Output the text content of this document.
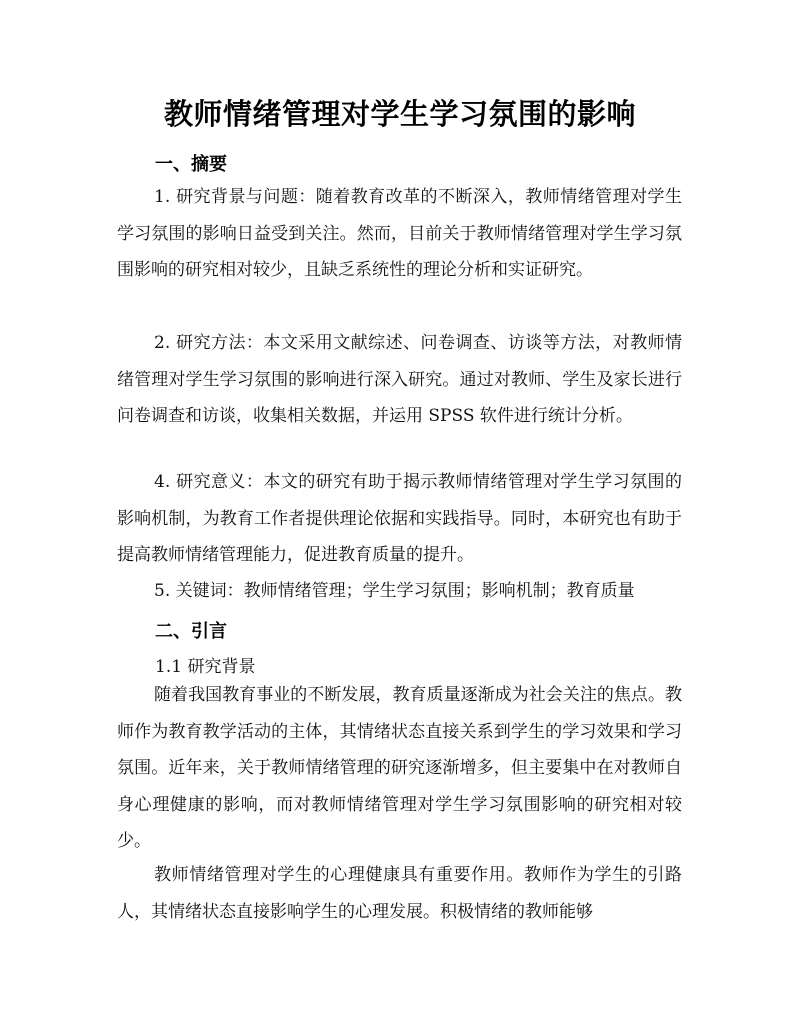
教师情绪管理对学生学习氛围的影响
一、摘要

1. 研究背景与问题：随着教育改革的不断深入，教师情绪管理对学生学习氛围的影响日益受到关注。然而，目前关于教师情绪管理对学生学习氛围影响的研究相对较少，且缺乏系统性的理论分析和实证研究。

2. 研究方法：本文采用文献综述、问卷调查、访谈等方法，对教师情绪管理对学生学习氛围的影响进行深入研究。通过对教师、学生及家长进行问卷调查和访谈，收集相关数据，并运用 SPSS 软件进行统计分析。

4. 研究意义：本文的研究有助于揭示教师情绪管理对学生学习氛围的影响机制，为教育工作者提供理论依据和实践指导。同时，本研究也有助于提高教师情绪管理能力，促进教育质量的提升。

5. 关键词：教师情绪管理；学生学习氛围；影响机制；教育质量

二、引言
1.1 研究背景

随着我国教育事业的不断发展，教育质量逐渐成为社会关注的焦点。教师作为教育教学活动的主体，其情绪状态直接关系到学生的学习效果和学习氛围。近年来，关于教师情绪管理的研究逐渐增多，但主要集中在对教师自身心理健康的影响，而对教师情绪管理对学生学习氛围影响的研究相对较少。

教师情绪管理对学生的心理健康具有重要作用。教师作为学生的引路人，其情绪状态直接影响学生的心理发展。积极情绪的教师能够
